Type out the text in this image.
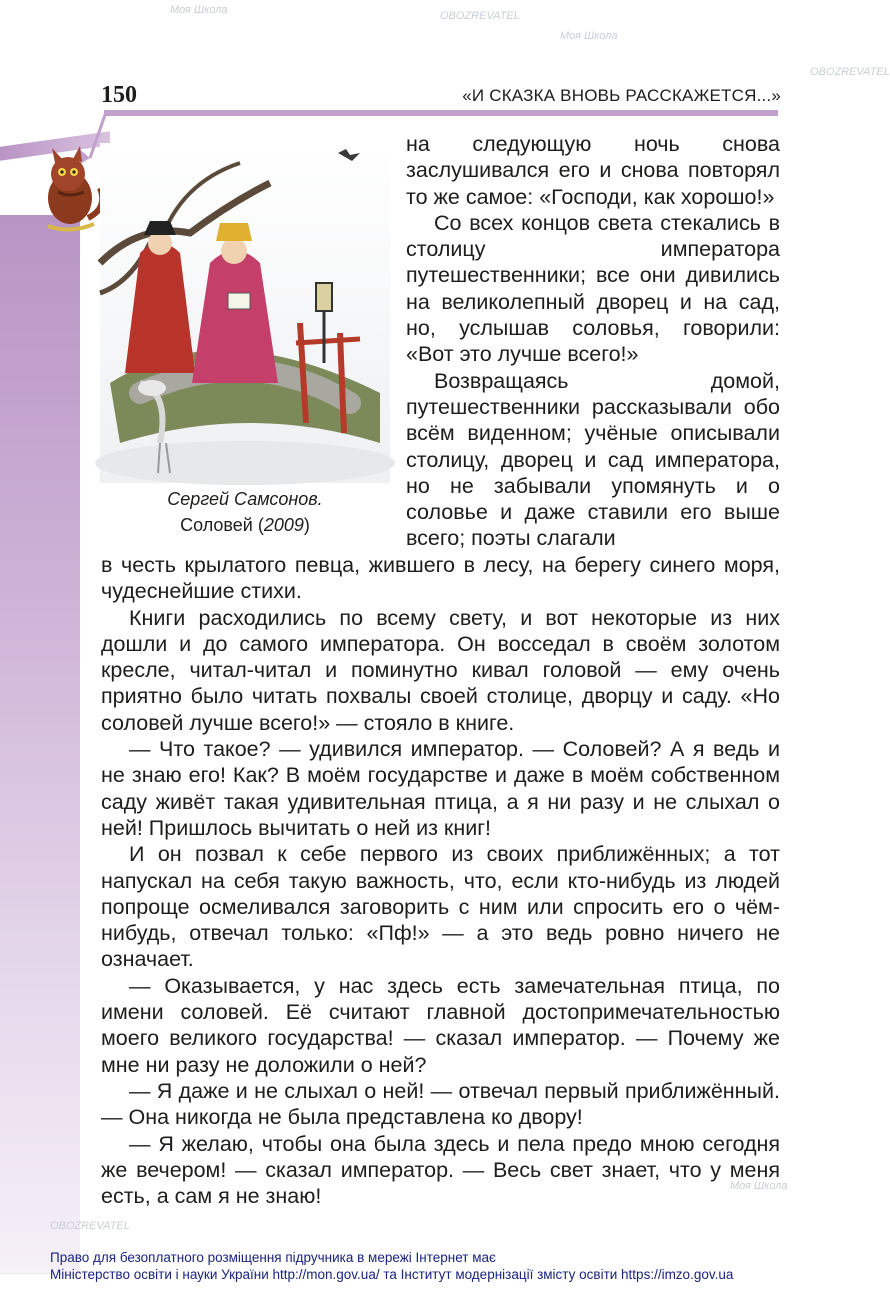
Моя Школа	OBOZREVATEL
Моя Школа
OBOZREVATEL
Моя Школа
OBOZREVATEL
150	«И СКАЗКА ВНОВЬ РАССКАЖЕТСЯ...»
Сергей Самсонов.
Соловей (2009)

на следующую ночь снова заслушивался его и снова повторял то же самое: «Господи, как хорошо!»

Со всех концов света стекались в столицу императора путешественники; все они дивились на великолепный дворец и на сад, но, услышав соловья, говорили: «Вот это лучше всего!»

Возвращаясь домой, путешественники рассказывали обо всём виденном; учёные описывали столицу, дворец и сад императора, но не забывали упомянуть и о соловье и даже ставили его выше всего; поэты слагали

в честь крылатого певца, жившего в лесу, на берегу синего моря, чудеснейшие стихи.

Книги расходились по всему свету, и вот некоторые из них дошли и до самого императора. Он восседал в своём золотом кресле, читал-читал и поминутно кивал головой — ему очень приятно было читать похвалы своей столице, дворцу и саду. «Но соловей лучше всего!» — стояло в книге.

— Что такое? — удивился император. — Соловей? А я ведь и не знаю его! Как? В моём государстве и даже в моём собственном саду живёт такая удивительная птица, а я ни разу и не слыхал о ней! Пришлось вычитать о ней из книг!

И он позвал к себе первого из своих приближённых; а тот напускал на себя такую важность, что, если кто-нибудь из людей попроще осмеливался заговорить с ним или спросить его о чём-нибудь, отвечал только: «Пф!» — а это ведь ровно ничего не означает.

— Оказывается, у нас здесь есть замечательная птица, по имени соловей. Её считают главной достопримечательностью моего великого государства! — сказал император. — Почему же мне ни разу не доложили о ней?

— Я даже и не слыхал о ней! — отвечал первый приближённый. — Она никогда не была представлена ко двору!

— Я желаю, чтобы она была здесь и пела предо мною сегодня же вечером! — сказал император. — Весь свет знает, что у меня есть, а сам я не знаю!

Право для безоплатного розміщення підручника в мережі Інтернет має
Міністерство освіти і науки України http://mon.gov.ua/ та Інститут модернізації змісту освіти https://imzo.gov.ua
